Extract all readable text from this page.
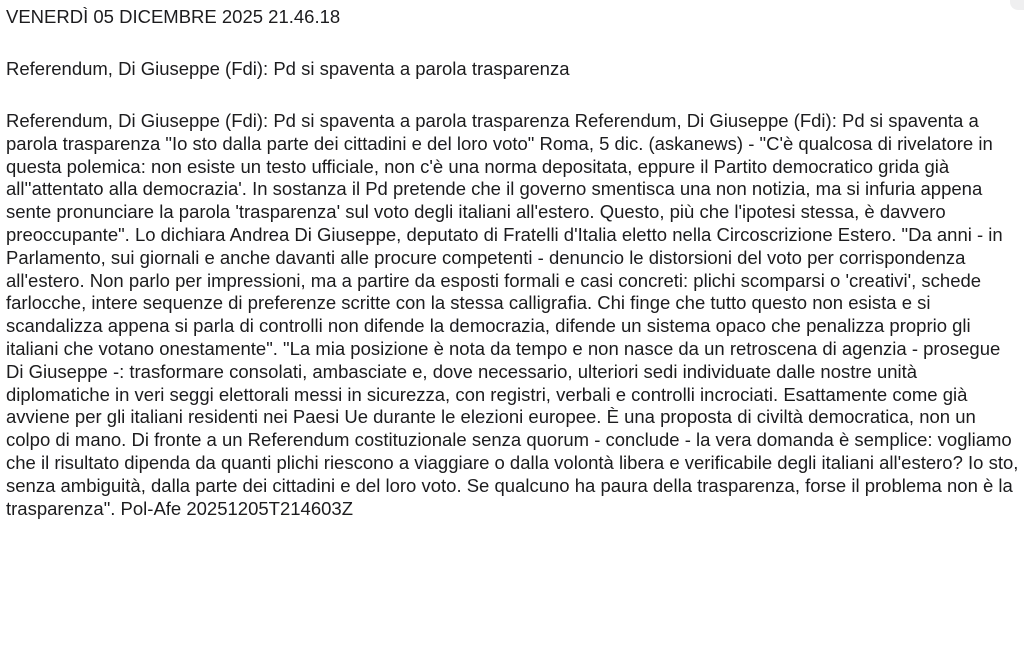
VENERDÌ 05 DICEMBRE 2025 21.46.18
Referendum, Di Giuseppe (Fdi): Pd si spaventa a parola trasparenza
Referendum, Di Giuseppe (Fdi): Pd si spaventa a parola trasparenza Referendum, Di Giuseppe (Fdi): Pd si spaventa a parola trasparenza "Io sto dalla parte dei cittadini e del loro voto" Roma, 5 dic. (askanews) - "C'è qualcosa di rivelatore in questa polemica: non esiste un testo ufficiale, non c'è una norma depositata, eppure il Partito democratico grida già all''attentato alla democrazia'. In sostanza il Pd pretende che il governo smentisca una non notizia, ma si infuria appena sente pronunciare la parola 'trasparenza' sul voto degli italiani all'estero. Questo, più che l'ipotesi stessa, è davvero preoccupante". Lo dichiara Andrea Di Giuseppe, deputato di Fratelli d'Italia eletto nella Circoscrizione Estero. "Da anni - in Parlamento, sui giornali e anche davanti alle procure competenti - denuncio le distorsioni del voto per corrispondenza all'estero. Non parlo per impressioni, ma a partire da esposti formali e casi concreti: plichi scomparsi o 'creativi', schede farlocche, intere sequenze di preferenze scritte con la stessa calligrafia. Chi finge che tutto questo non esista e si scandalizza appena si parla di controlli non difende la democrazia, difende un sistema opaco che penalizza proprio gli italiani che votano onestamente". "La mia posizione è nota da tempo e non nasce da un retroscena di agenzia - prosegue Di Giuseppe -: trasformare consolati, ambasciate e, dove necessario, ulteriori sedi individuate dalle nostre unità diplomatiche in veri seggi elettorali messi in sicurezza, con registri, verbali e controlli incrociati. Esattamente come già avviene per gli italiani residenti nei Paesi Ue durante le elezioni europee. È una proposta di civiltà democratica, non un colpo di mano. Di fronte a un Referendum costituzionale senza quorum - conclude - la vera domanda è semplice: vogliamo che il risultato dipenda da quanti plichi riescono a viaggiare o dalla volontà libera e verificabile degli italiani all'estero? Io sto, senza ambiguità, dalla parte dei cittadini e del loro voto. Se qualcuno ha paura della trasparenza, forse il problema non è la trasparenza". Pol-Afe 20251205T214603Z
